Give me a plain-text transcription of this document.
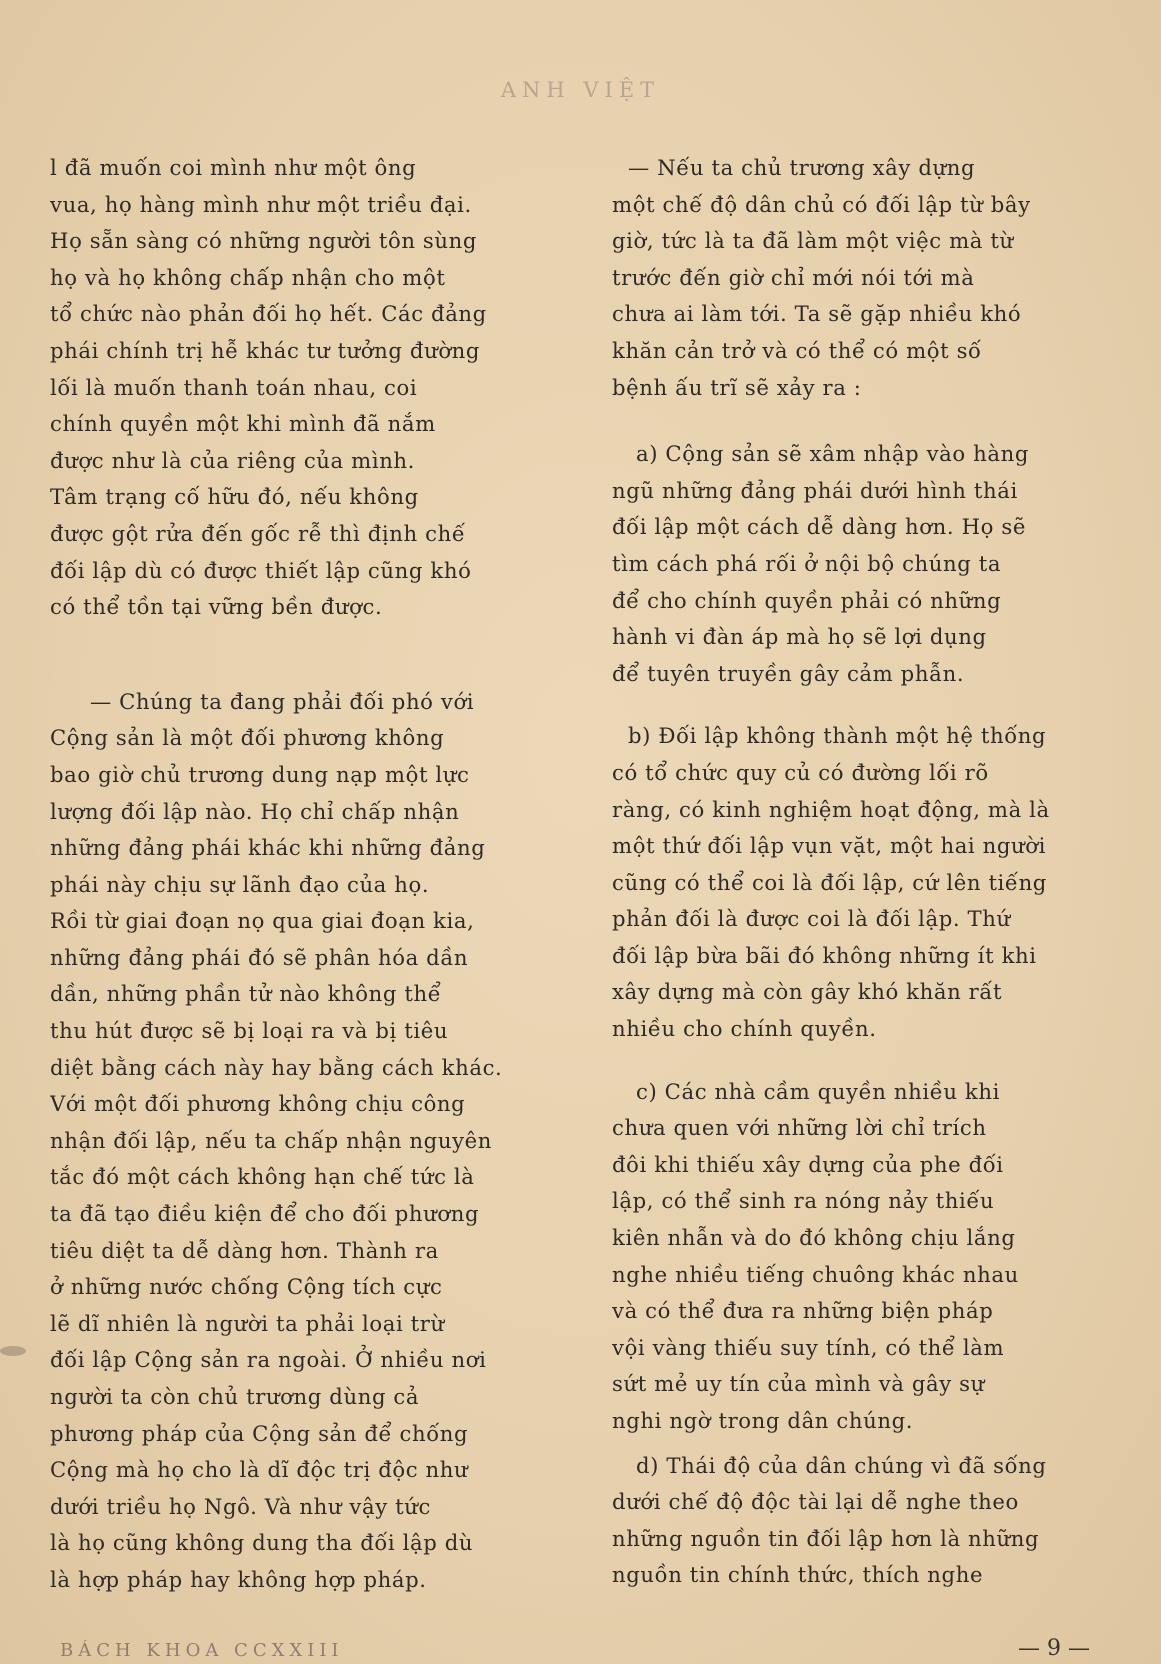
ANH VIỆT
l đã muốn coi mình như một ông
vua, họ hàng mình như một triều đại.
Họ sẵn sàng có những người tôn sùng
họ và họ không chấp nhận cho một
tổ chức nào phản đối họ hết. Các đảng
phái chính trị hễ khác tư tưởng đường
lối là muốn thanh toán nhau, coi
chính quyền một khi mình đã nắm
được như là của riêng của mình.
Tâm trạng cố hữu đó, nếu không
được gột rửa đến gốc rễ thì định chế
đối lập dù có được thiết lập cũng khó
có thể tồn tại vững bền được.
— Chúng ta đang phải đối phó với
Cộng sản là một đối phương không
bao giờ chủ trương dung nạp một lực
lượng đối lập nào. Họ chỉ chấp nhận
những đảng phái khác khi những đảng
phái này chịu sự lãnh đạo của họ.
Rồi từ giai đoạn nọ qua giai đoạn kia,
những đảng phái đó sẽ phân hóa dần
dần, những phần tử nào không thể
thu hút được sẽ bị loại ra và bị tiêu
diệt bằng cách này hay bằng cách khác.
Với một đối phương không chịu công
nhận đối lập, nếu ta chấp nhận nguyên
tắc đó một cách không hạn chế tức là
ta đã tạo điều kiện để cho đối phương
tiêu diệt ta dễ dàng hơn. Thành ra
ở những nước chống Cộng tích cực
lẽ dĩ nhiên là người ta phải loại trừ
đối lập Cộng sản ra ngoài. Ở nhiều nơi
người ta còn chủ trương dùng cả
phương pháp của Cộng sản để chống
Cộng mà họ cho là dĩ độc trị độc như
dưới triều họ Ngô. Và như vậy tức
là họ cũng không dung tha đối lập dù
là hợp pháp hay không hợp pháp.
— Nếu ta chủ trương xây dựng
một chế độ dân chủ có đối lập từ bây
giờ, tức là ta đã làm một việc mà từ
trước đến giờ chỉ mới nói tới mà
chưa ai làm tới. Ta sẽ gặp nhiều khó
khăn cản trở và có thể có một số
bệnh ấu trĩ sẽ xảy ra :
a) Cộng sản sẽ xâm nhập vào hàng
ngũ những đảng phái dưới hình thái
đối lập một cách dễ dàng hơn. Họ sẽ
tìm cách phá rối ở nội bộ chúng ta
để cho chính quyền phải có những
hành vi đàn áp mà họ sẽ lợi dụng
để tuyên truyền gây cảm phẫn.
b) Đối lập không thành một hệ thống
có tổ chức quy củ có đường lối rõ
ràng, có kinh nghiệm hoạt động, mà là
một thứ đối lập vụn vặt, một hai người
cũng có thể coi là đối lập, cứ lên tiếng
phản đối là được coi là đối lập. Thứ
đối lập bừa bãi đó không những ít khi
xây dựng mà còn gây khó khăn rất
nhiều cho chính quyền.
c) Các nhà cầm quyền nhiều khi
chưa quen với những lời chỉ trích
đôi khi thiếu xây dựng của phe đối
lập, có thể sinh ra nóng nảy thiếu
kiên nhẫn và do đó không chịu lắng
nghe nhiều tiếng chuông khác nhau
và có thể đưa ra những biện pháp
vội vàng thiếu suy tính, có thể làm
sứt mẻ uy tín của mình và gây sự
nghi ngờ trong dân chúng.
d) Thái độ của dân chúng vì đã sống
dưới chế độ độc tài lại dễ nghe theo
những nguồn tin đối lập hơn là những
nguồn tin chính thức, thích nghe
BÁCH KHOA CCXXIII	— 9 —
